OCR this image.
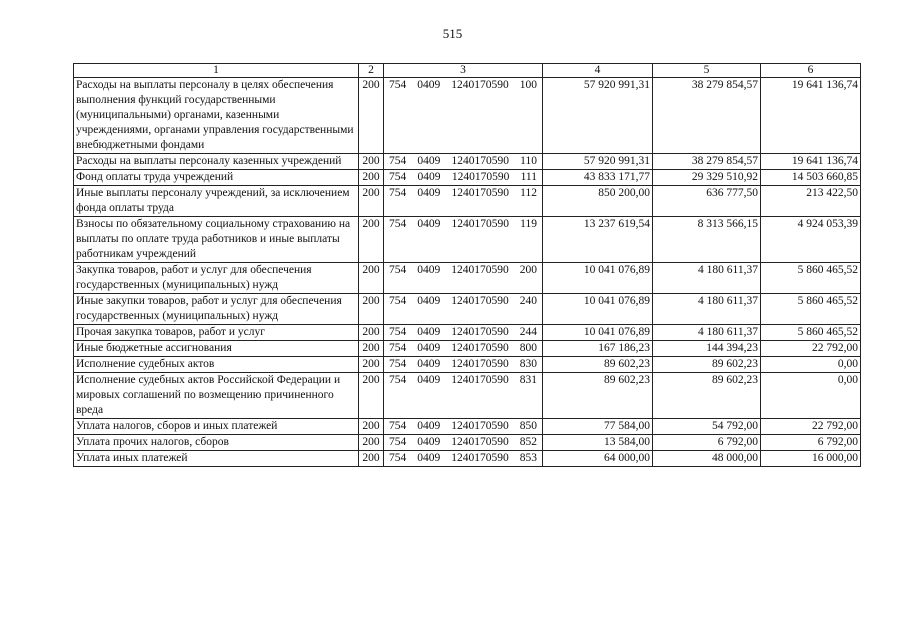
515
1	2	3	4	5	6
Расходы на выплаты персоналу в целях обеспечения выполнения функций государственными (муниципальными) органами, казенными учреждениями, органами управления государственными внебюджетными фондами	200	754 0409 1240170590 100	57 920 991,31	38 279 854,57	19 641 136,74
Расходы на выплаты персоналу казенных учреждений	200	754 0409 1240170590 110	57 920 991,31	38 279 854,57	19 641 136,74
Фонд оплаты труда учреждений	200	754 0409 1240170590 111	43 833 171,77	29 329 510,92	14 503 660,85
Иные выплаты персоналу учреждений, за исключением фонда оплаты труда	200	754 0409 1240170590 112	850 200,00	636 777,50	213 422,50
Взносы по обязательному социальному страхованию на выплаты по оплате труда работников и иные выплаты работникам учреждений	200	754 0409 1240170590 119	13 237 619,54	8 313 566,15	4 924 053,39
Закупка товаров, работ и услуг для обеспечения государственных (муниципальных) нужд	200	754 0409 1240170590 200	10 041 076,89	4 180 611,37	5 860 465,52
Иные закупки товаров, работ и услуг для обеспечения государственных (муниципальных) нужд	200	754 0409 1240170590 240	10 041 076,89	4 180 611,37	5 860 465,52
Прочая закупка товаров, работ и услуг	200	754 0409 1240170590 244	10 041 076,89	4 180 611,37	5 860 465,52
Иные бюджетные ассигнования	200	754 0409 1240170590 800	167 186,23	144 394,23	22 792,00
Исполнение судебных актов	200	754 0409 1240170590 830	89 602,23	89 602,23	0,00
Исполнение судебных актов Российской Федерации и мировых соглашений по возмещению причиненного вреда	200	754 0409 1240170590 831	89 602,23	89 602,23	0,00
Уплата налогов, сборов и иных платежей	200	754 0409 1240170590 850	77 584,00	54 792,00	22 792,00
Уплата прочих налогов, сборов	200	754 0409 1240170590 852	13 584,00	6 792,00	6 792,00
Уплата иных платежей	200	754 0409 1240170590 853	64 000,00	48 000,00	16 000,00
